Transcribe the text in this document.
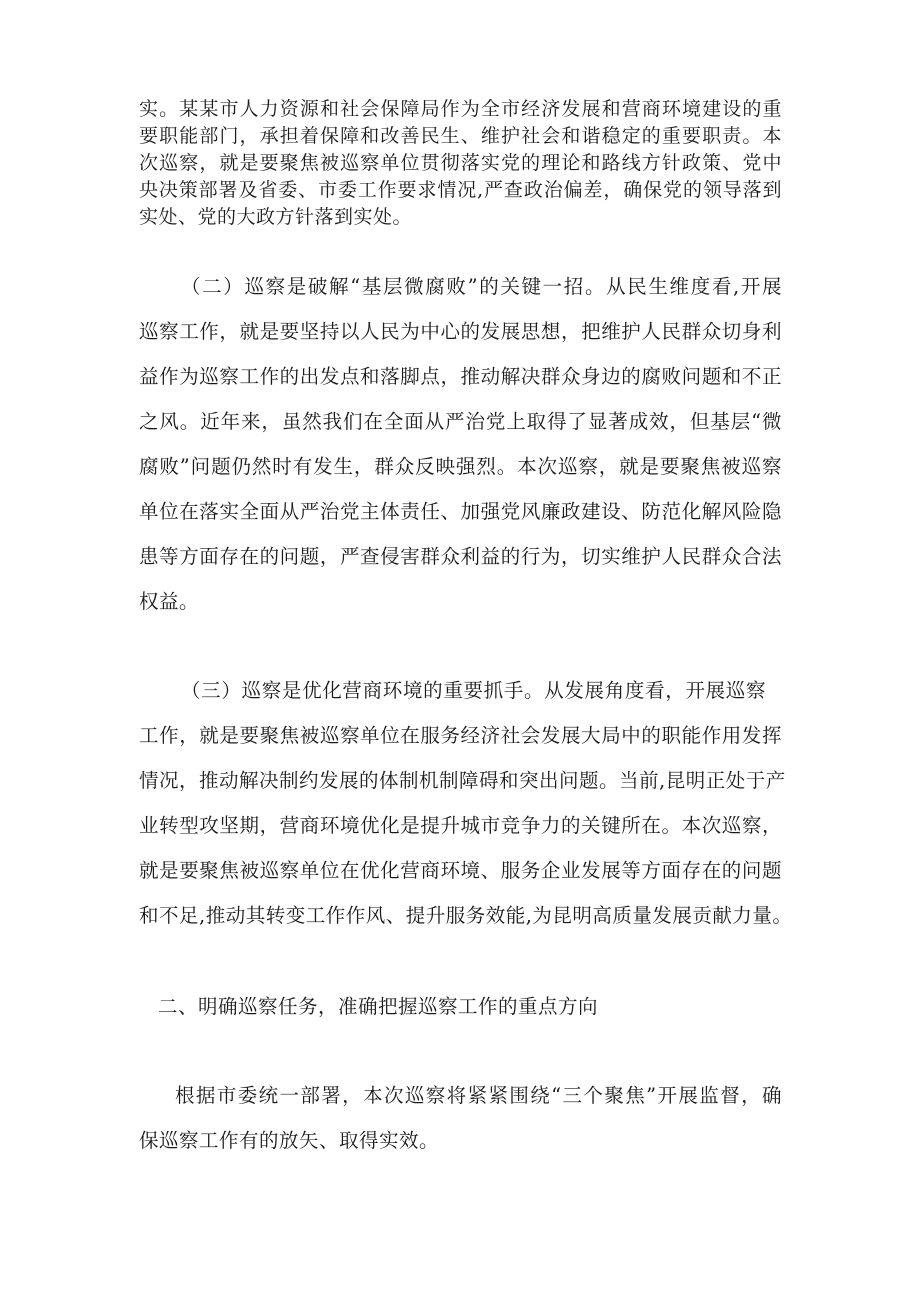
实。某某市人力资源和社会保障局作为全市经济发展和营商环境建设的重
要职能部门，承担着保障和改善民生、维护社会和谐稳定的重要职责。本
次巡察，就是要聚焦被巡察单位贯彻落实党的理论和路线方针政策、党中
央决策部署及省委、市委工作要求情况,严查政治偏差，确保党的领导落到
实处、党的大政方针落到实处。
（二）巡察是破解“基层微腐败”的关键一招。从民生维度看,开展
巡察工作，就是要坚持以人民为中心的发展思想，把维护人民群众切身利
益作为巡察工作的出发点和落脚点，推动解决群众身边的腐败问题和不正
之风。近年来，虽然我们在全面从严治党上取得了显著成效，但基层“微
腐败”问题仍然时有发生，群众反映强烈。本次巡察，就是要聚焦被巡察
单位在落实全面从严治党主体责任、加强党风廉政建设、防范化解风险隐
患等方面存在的问题，严查侵害群众利益的行为，切实维护人民群众合法
权益。
（三）巡察是优化营商环境的重要抓手。从发展角度看，开展巡察
工作，就是要聚焦被巡察单位在服务经济社会发展大局中的职能作用发挥
情况，推动解决制约发展的体制机制障碍和突出问题。当前,昆明正处于产
业转型攻坚期，营商环境优化是提升城市竞争力的关键所在。本次巡察，
就是要聚焦被巡察单位在优化营商环境、服务企业发展等方面存在的问题
和不足,推动其转变工作作风、提升服务效能,为昆明高质量发展贡献力量。
二、明确巡察任务，准确把握巡察工作的重点方向
根据市委统一部署，本次巡察将紧紧围绕“三个聚焦”开展监督，确
保巡察工作有的放矢、取得实效。
